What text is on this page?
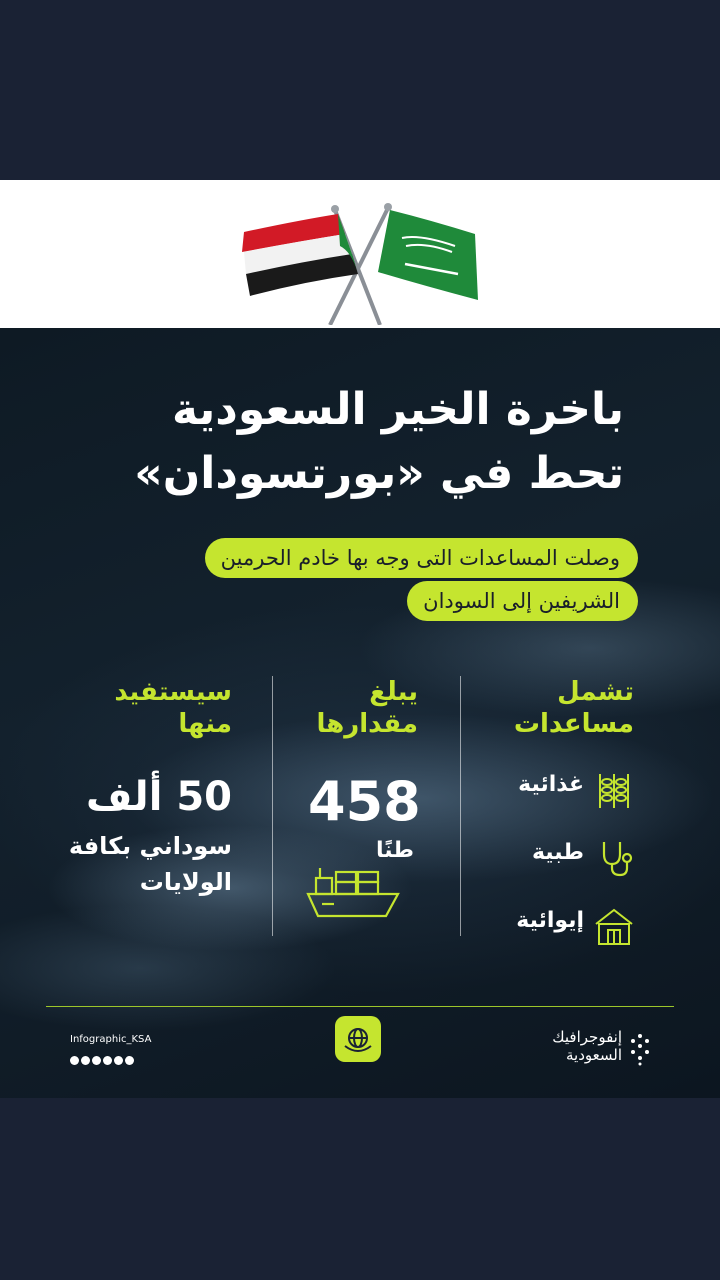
باخرة الخير السعودية
تحط في «بورتسودان»
وصلت المساعدات التى وجه بها خادم الحرمين
الشريفين إلى السودان
تشمل
مساعدات
غذائية
طبية
إيوائية
يبلغ
مقدارها
458
طنًا
سيستفيد
منها
50 ألف
سوداني بكافة
الولايات
Infographic_KSA	إنفوجرافيك
السعودية
